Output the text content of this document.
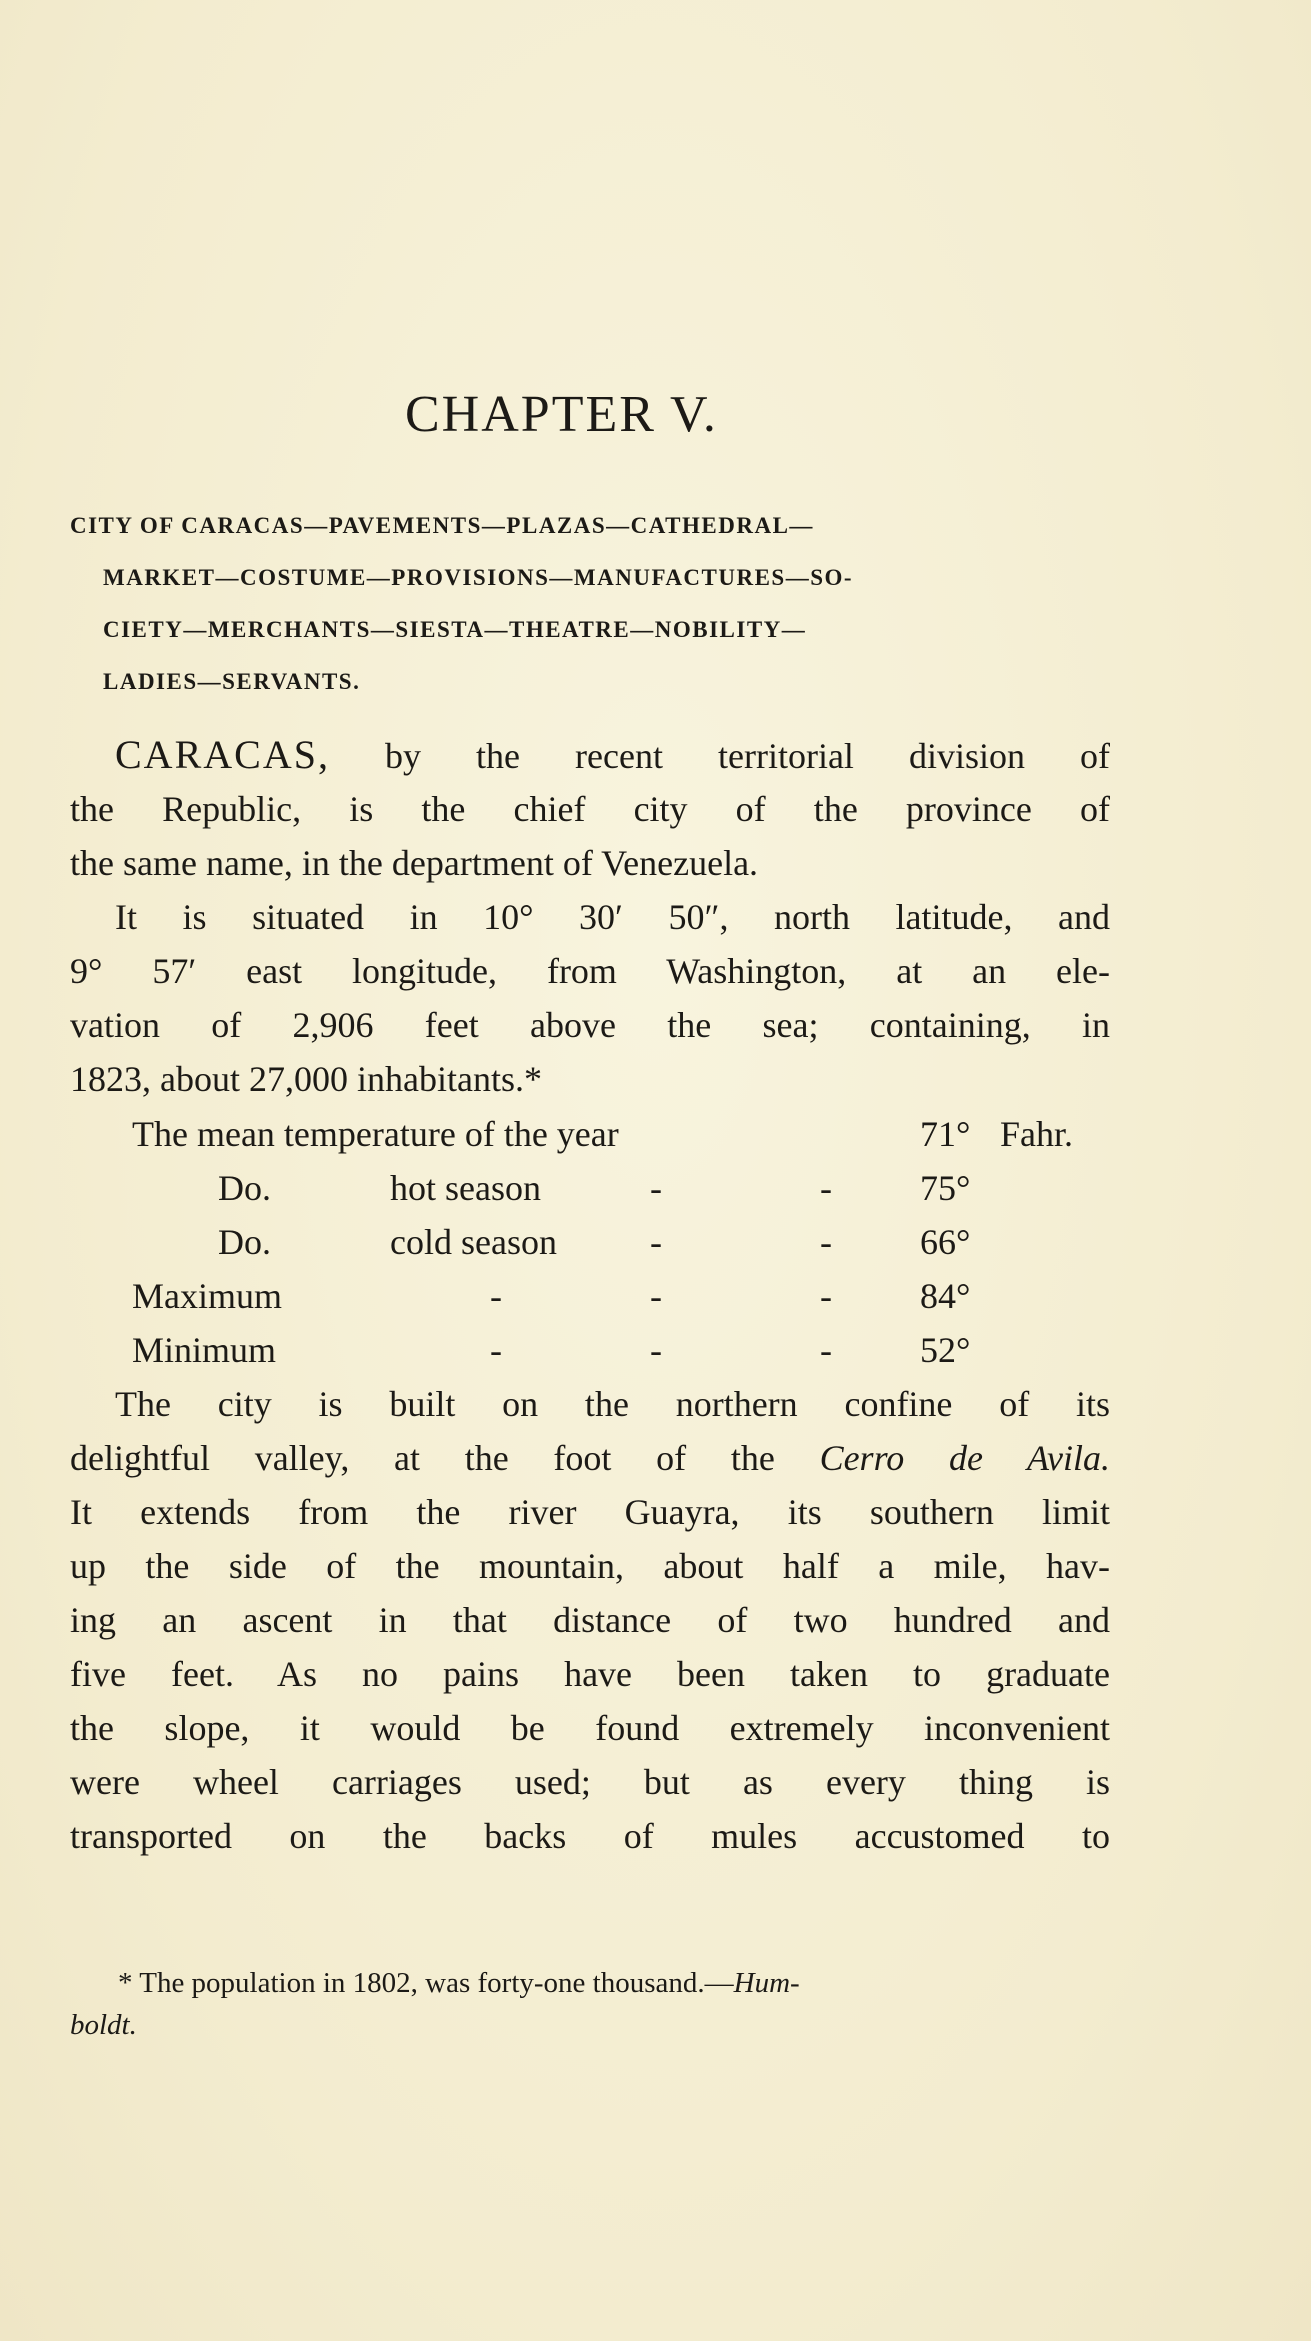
CHAPTER V.
CITY OF CARACAS—PAVEMENTS—PLAZAS—CATHEDRAL—
MARKET—COSTUME—PROVISIONS—MANUFACTURES—SO-
CIETY—MERCHANTS—SIESTA—THEATRE—NOBILITY—
LADIES—SERVANTS.
CARACAS, by the recent territorial division of
the Republic, is the chief city of the province of
the same name, in the department of Venezuela.
It is situated in 10° 30′ 50″, north latitude, and
9° 57′ east longitude, from Washington, at an ele-
vation of 2,906 feet above the sea; containing, in
1823, about 27,000 inhabitants.*
The mean temperature of the year	71° Fahr.
Do.	hot season	-	- 75°
Do.	cold season	-	- 66°
Maximum	-	-	- 84°
Minimum	-	-	- 52°
The city is built on the northern confine of its
delightful valley, at the foot of the Cerro de Avila.
It extends from the river Guayra, its southern limit
up the side of the mountain, about half a mile, hav-
ing an ascent in that distance of two hundred and
five feet. As no pains have been taken to graduate
the slope, it would be found extremely inconvenient
were wheel carriages used; but as every thing is
transported on the backs of mules accustomed to
* The population in 1802, was forty-one thousand.—Hum-
boldt.
